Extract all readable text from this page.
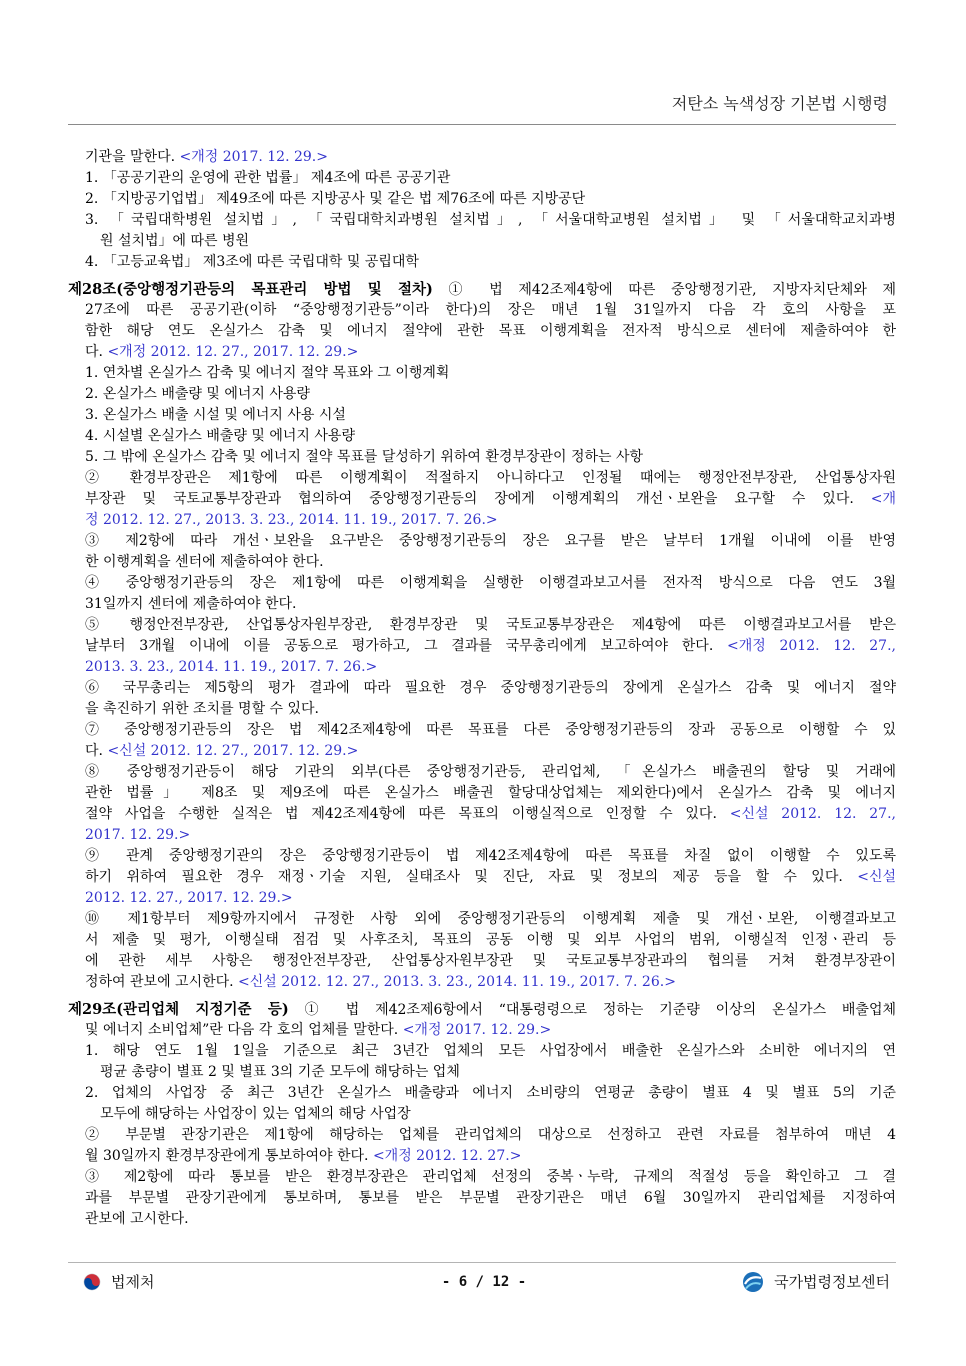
저탄소 녹색성장 기본법 시행령
기관을 말한다. <개정 2017. 12. 29.>
1. 「공공기관의 운영에 관한 법률」 제4조에 따른 공공기관
2. 「지방공기업법」 제49조에 따른 지방공사 및 같은 법 제76조에 따른 지방공단
3. 「국립대학병원 설치법」, 「국립대학치과병원 설치법」, 「서울대학교병원 설치법」 및 「서울대학교치과병
원 설치법」에 따른 병원
4. 「고등교육법」 제3조에 따른 국립대학 및 공립대학
제28조(중앙행정기관등의 목표관리 방법 및 절차) ① 법 제42조제4항에 따른 중앙행정기관, 지방자치단체와 제
27조에 따른 공공기관(이하 “중앙행정기관등”이라 한다)의 장은 매년 1월 31일까지 다음 각 호의 사항을 포
함한 해당 연도 온실가스 감축 및 에너지 절약에 관한 목표 이행계획을 전자적 방식으로 센터에 제출하여야 한
다. <개정 2012. 12. 27., 2017. 12. 29.>
1. 연차별 온실가스 감축 및 에너지 절약 목표와 그 이행계획
2. 온실가스 배출량 및 에너지 사용량
3. 온실가스 배출 시설 및 에너지 사용 시설
4. 시설별 온실가스 배출량 및 에너지 사용량
5. 그 밖에 온실가스 감축 및 에너지 절약 목표를 달성하기 위하여 환경부장관이 정하는 사항
② 환경부장관은 제1항에 따른 이행계획이 적절하지 아니하다고 인정될 때에는 행정안전부장관, 산업통상자원
부장관 및 국토교통부장관과 협의하여 중앙행정기관등의 장에게 이행계획의 개선ㆍ보완을 요구할 수 있다. <개
정 2012. 12. 27., 2013. 3. 23., 2014. 11. 19., 2017. 7. 26.>
③ 제2항에 따라 개선ㆍ보완을 요구받은 중앙행정기관등의 장은 요구를 받은 날부터 1개월 이내에 이를 반영
한 이행계획을 센터에 제출하여야 한다.
④ 중앙행정기관등의 장은 제1항에 따른 이행계획을 실행한 이행결과보고서를 전자적 방식으로 다음 연도 3월
31일까지 센터에 제출하여야 한다.
⑤ 행정안전부장관, 산업통상자원부장관, 환경부장관 및 국토교통부장관은 제4항에 따른 이행결과보고서를 받은
날부터 3개월 이내에 이를 공동으로 평가하고, 그 결과를 국무총리에게 보고하여야 한다. <개정 2012. 12. 27.,
2013. 3. 23., 2014. 11. 19., 2017. 7. 26.>
⑥ 국무총리는 제5항의 평가 결과에 따라 필요한 경우 중앙행정기관등의 장에게 온실가스 감축 및 에너지 절약
을 촉진하기 위한 조치를 명할 수 있다.
⑦ 중앙행정기관등의 장은 법 제42조제4항에 따른 목표를 다른 중앙행정기관등의 장과 공동으로 이행할 수 있
다. <신설 2012. 12. 27., 2017. 12. 29.>
⑧ 중앙행정기관등이 해당 기관의 외부(다른 중앙행정기관등, 관리업체, 「온실가스 배출권의 할당 및 거래에
관한 법률」 제8조 및 제9조에 따른 온실가스 배출권 할당대상업체는 제외한다)에서 온실가스 감축 및 에너지
절약 사업을 수행한 실적은 법 제42조제4항에 따른 목표의 이행실적으로 인정할 수 있다. <신설 2012. 12. 27.,
2017. 12. 29.>
⑨ 관계 중앙행정기관의 장은 중앙행정기관등이 법 제42조제4항에 따른 목표를 차질 없이 이행할 수 있도록
하기 위하여 필요한 경우 재정ㆍ기술 지원, 실태조사 및 진단, 자료 및 정보의 제공 등을 할 수 있다. <신설
2012. 12. 27., 2017. 12. 29.>
⑩ 제1항부터 제9항까지에서 규정한 사항 외에 중앙행정기관등의 이행계획 제출 및 개선ㆍ보완, 이행결과보고
서 제출 및 평가, 이행실태 점검 및 사후조치, 목표의 공동 이행 및 외부 사업의 범위, 이행실적 인정ㆍ관리 등
에 관한 세부 사항은 행정안전부장관, 산업통상자원부장관 및 국토교통부장관과의 협의를 거쳐 환경부장관이
정하여 관보에 고시한다. <신설 2012. 12. 27., 2013. 3. 23., 2014. 11. 19., 2017. 7. 26.>
제29조(관리업체 지정기준 등) ① 법 제42조제6항에서 “대통령령으로 정하는 기준량 이상의 온실가스 배출업체
및 에너지 소비업체”란 다음 각 호의 업체를 말한다. <개정 2017. 12. 29.>
1. 해당 연도 1월 1일을 기준으로 최근 3년간 업체의 모든 사업장에서 배출한 온실가스와 소비한 에너지의 연
평균 총량이 별표 2 및 별표 3의 기준 모두에 해당하는 업체
2. 업체의 사업장 중 최근 3년간 온실가스 배출량과 에너지 소비량의 연평균 총량이 별표 4 및 별표 5의 기준
모두에 해당하는 사업장이 있는 업체의 해당 사업장
② 부문별 관장기관은 제1항에 해당하는 업체를 관리업체의 대상으로 선정하고 관련 자료를 첨부하여 매년 4
월 30일까지 환경부장관에게 통보하여야 한다. <개정 2012. 12. 27.>
③ 제2항에 따라 통보를 받은 환경부장관은 관리업체 선정의 중복ㆍ누락, 규제의 적절성 등을 확인하고 그 결
과를 부문별 관장기관에게 통보하며, 통보를 받은 부문별 관장기관은 매년 6월 30일까지 관리업체를 지정하여
관보에 고시한다.
법제처	- 6 / 12 -	국가법령정보센터
